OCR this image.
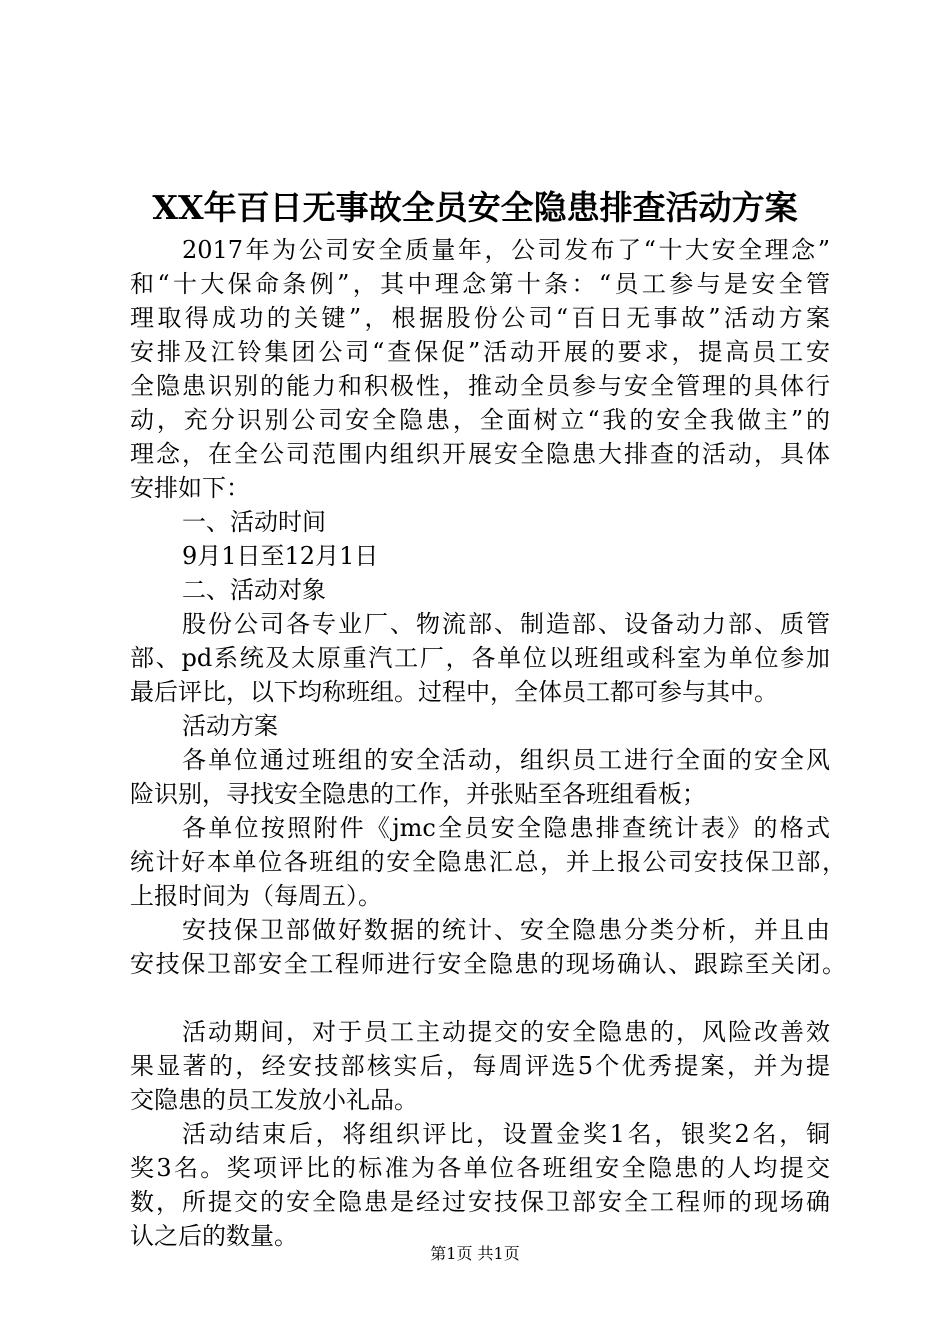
XX年百日无事故全员安全隐患排查活动方案
2017年为公司安全质量年，公司发布了“十大安全理念”
和“十大保命条例”，其中理念第十条：“员工参与是安全管
理取得成功的关键”，根据股份公司“百日无事故”活动方案
安排及江铃集团公司“查保促”活动开展的要求，提高员工安
全隐患识别的能力和积极性，推动全员参与安全管理的具体行
动，充分识别公司安全隐患，全面树立“我的安全我做主”的
理念，在全公司范围内组织开展安全隐患大排查的活动，具体
安排如下：
一、活动时间
9月1日至12月1日
二、活动对象
股份公司各专业厂、物流部、制造部、设备动力部、质管
部、pd系统及太原重汽工厂，各单位以班组或科室为单位参加
最后评比，以下均称班组。过程中，全体员工都可参与其中。
活动方案
各单位通过班组的安全活动，组织员工进行全面的安全风
险识别，寻找安全隐患的工作，并张贴至各班组看板；
各单位按照附件《jmc全员安全隐患排查统计表》的格式
统计好本单位各班组的安全隐患汇总，并上报公司安技保卫部，
上报时间为（每周五）。
安技保卫部做好数据的统计、安全隐患分类分析，并且由
安技保卫部安全工程师进行安全隐患的现场确认、跟踪至关闭。
活动期间，对于员工主动提交的安全隐患的，风险改善效
果显著的，经安技部核实后，每周评选5个优秀提案，并为提
交隐患的员工发放小礼品。
活动结束后，将组织评比，设置金奖1名，银奖2名，铜
奖3名。奖项评比的标准为各单位各班组安全隐患的人均提交
数，所提交的安全隐患是经过安技保卫部安全工程师的现场确
认之后的数量。
第1页 共1页
